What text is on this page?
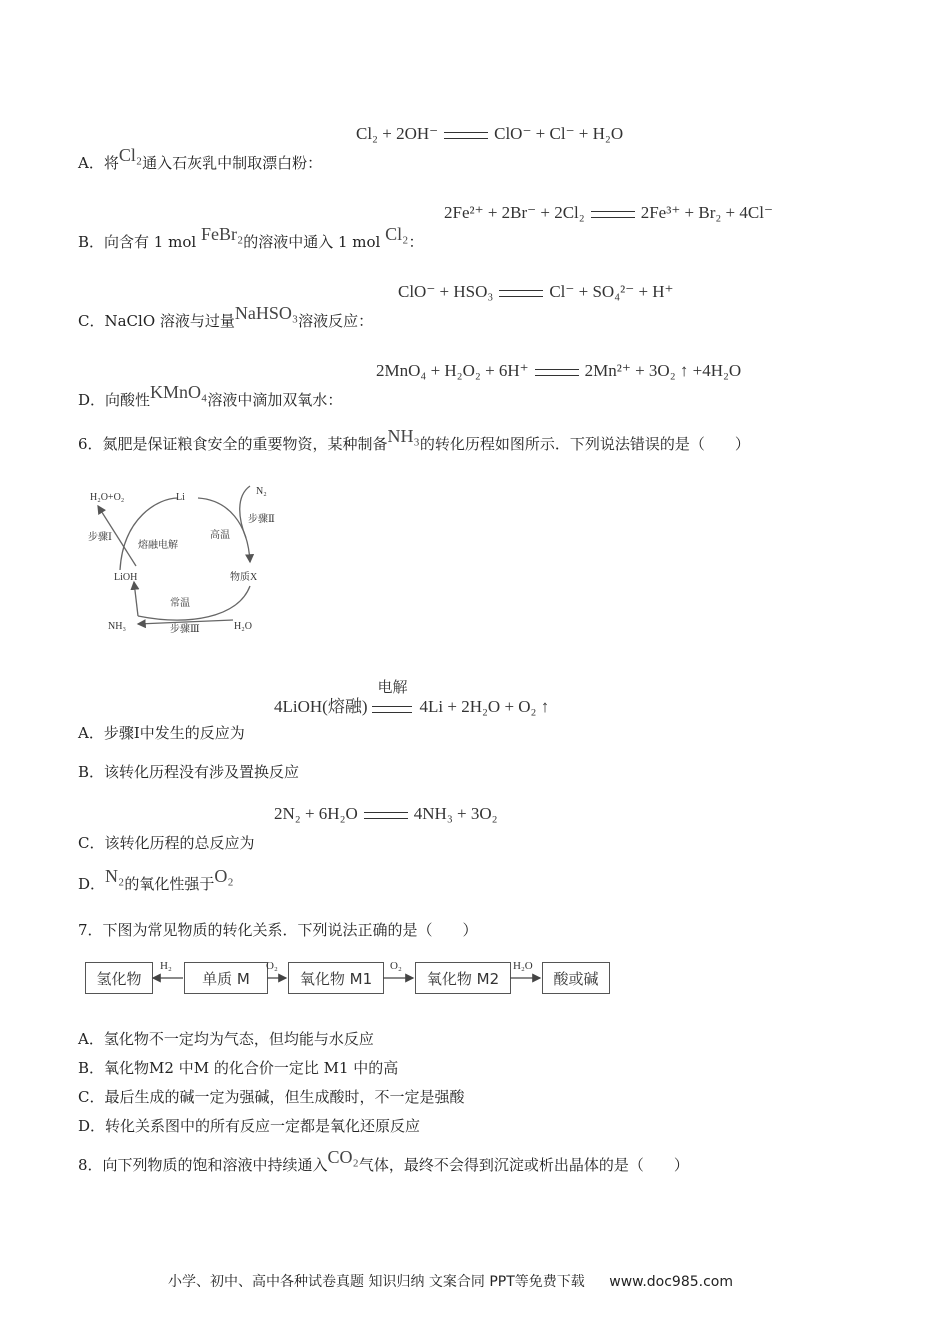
Cl₂ + 2OH⁻	ClO⁻ + Cl⁻ + H₂O
A．将Cl₂通入石灰乳中制取漂白粉：
2Fe²⁺ + 2Br⁻ + 2Cl₂	2Fe³⁺ + Br₂ + 4Cl⁻
B．向含有 1 mol FeBr₂的溶液中通入 1 mol Cl₂：
ClO⁻ + HSO₃	Cl⁻ + SO₄²⁻ + H⁺
C．NaClO 溶液与过量NaHSO₃溶液反应：
2MnO₄ + H₂O₂ + 6H⁺	2Mn²⁺ + 3O₂ ↑ +4H₂O
D．向酸性KMnO₄溶液中滴加双氧水：
6．氮肥是保证粮食安全的重要物资，某种制备NH₃的转化历程如图所示．下列说法错误的是（　　）
H₂O+O₂	Li
N₂
步骤Ⅱ
步骤Ⅰ
熔融电解
高温
LiOH	物质X
常温
NH₃	H₂O
步骤Ⅲ
4LiOH(熔融)
电解
4Li + 2H₂O + O₂ ↑
A．步骤Ⅰ中发生的反应为
B．该转化历程没有涉及置换反应
2N₂ + 6H₂O	4NH₃ + 3O₂
C．该转化历程的总反应为
D．N₂的氧化性强于O₂
7．下图为常见物质的转化关系．下列说法正确的是（　　）
氢化物	单质 M	氧化物 M1	氧化物 M2	酸或碱
H₂	O₂	O₂	H₂O
A．氢化物不一定均为气态，但均能与水反应
B．氧化物M2 中M 的化合价一定比 M1 中的高
C．最后生成的碱一定为强碱，但生成酸时，不一定是强酸
D．转化关系图中的所有反应一定都是氧化还原反应
8．向下列物质的饱和溶液中持续通入CO₂气体，最终不会得到沉淀或析出晶体的是（　　）
小学、初中、高中各种试卷真题 知识归纳 文案合同 PPT等免费下载 www.doc985.com
